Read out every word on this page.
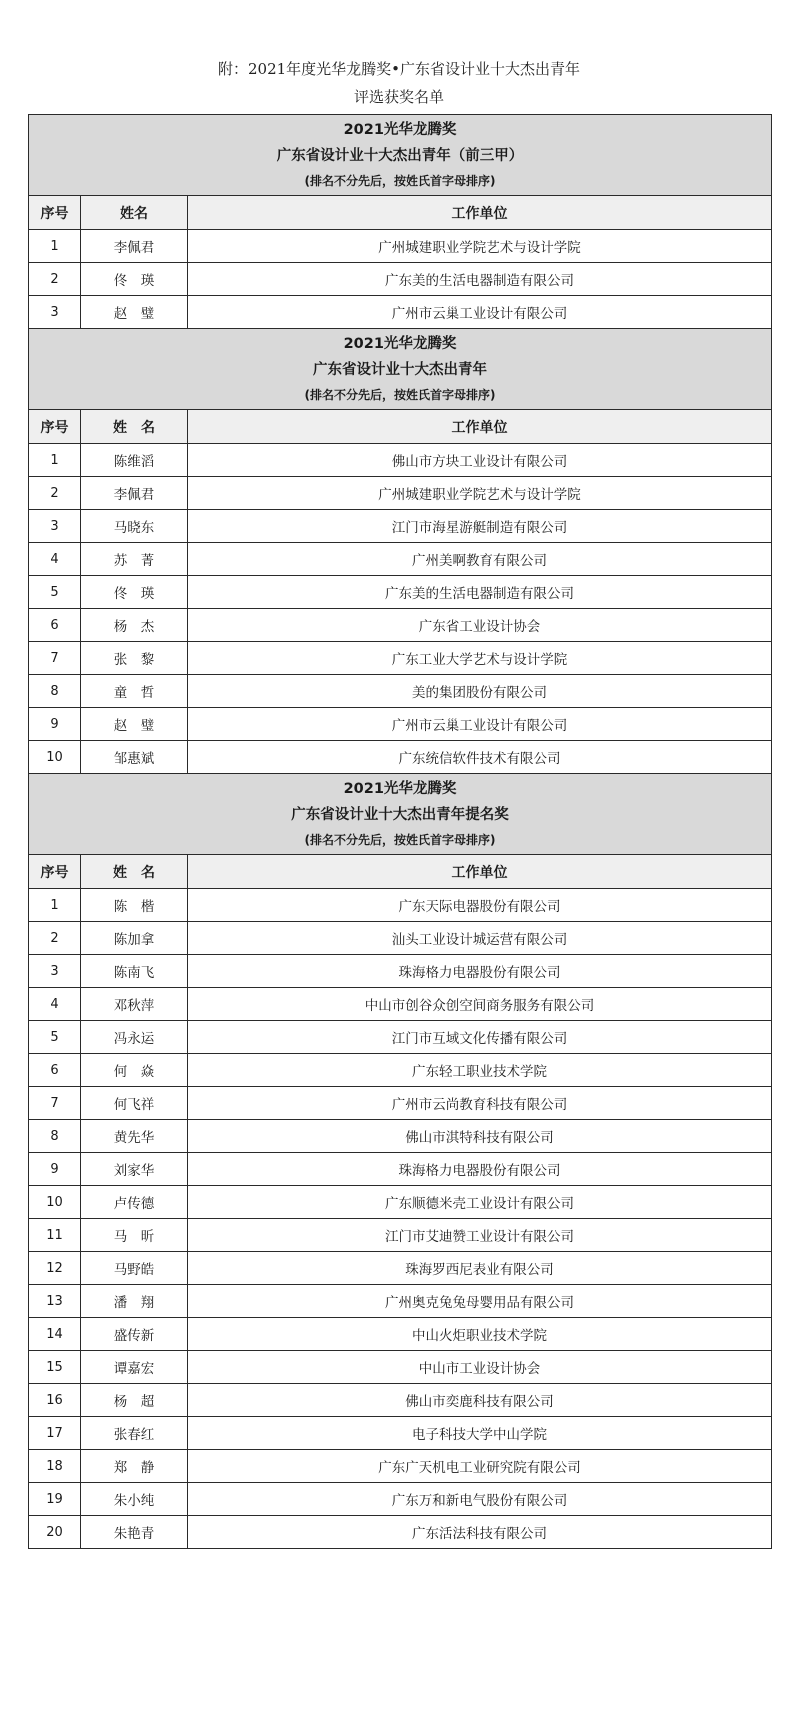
附：2021年度光华龙腾奖•广东省设计业十大杰出青年
评选获奖名单
2021光华龙腾奖
广东省设计业十大杰出青年（前三甲）
(排名不分先后，按姓氏首字母排序)		

序号	姓名	工作单位
1	李佩君	广州城建职业学院艺术与设计学院
2	佟　瑛	广东美的生活电器制造有限公司
3	赵　璧	广州市云巢工业设计有限公司

2021光华龙腾奖
广东省设计业十大杰出青年
(排名不分先后，按姓氏首字母排序)		

序号	姓　名	工作单位
1	陈维滔	佛山市方块工业设计有限公司
2	李佩君	广州城建职业学院艺术与设计学院
3	马晓东	江门市海星游艇制造有限公司
4	苏　菁	广州美啊教育有限公司
5	佟　瑛	广东美的生活电器制造有限公司
6	杨　杰	广东省工业设计协会
7	张　黎	广东工业大学艺术与设计学院
8	童　哲	美的集团股份有限公司
9	赵　璧	广州市云巢工业设计有限公司
10	邹惠斌	广东统信软件技术有限公司

2021光华龙腾奖
广东省设计业十大杰出青年提名奖
(排名不分先后，按姓氏首字母排序)		

序号	姓　名	工作单位
1	陈　楷	广东天际电器股份有限公司
2	陈加拿	汕头工业设计城运营有限公司
3	陈南飞	珠海格力电器股份有限公司
4	邓秋萍	中山市创谷众创空间商务服务有限公司
5	冯永运	江门市互域文化传播有限公司
6	何　焱	广东轻工职业技术学院
7	何飞祥	广州市云尚教育科技有限公司
8	黄先华	佛山市淇特科技有限公司
9	刘家华	珠海格力电器股份有限公司
10	卢传德	广东顺德米壳工业设计有限公司
11	马　昕	江门市艾迪赞工业设计有限公司
12	马野皓	珠海罗西尼表业有限公司
13	潘　翔	广州奥克兔兔母婴用品有限公司
14	盛传新	中山火炬职业技术学院
15	谭嘉宏	中山市工业设计协会
16	杨　超	佛山市奕鹿科技有限公司
17	张春红	电子科技大学中山学院
18	郑　静	广东广天机电工业研究院有限公司
19	朱小纯	广东万和新电气股份有限公司
20	朱艳青	广东活法科技有限公司
